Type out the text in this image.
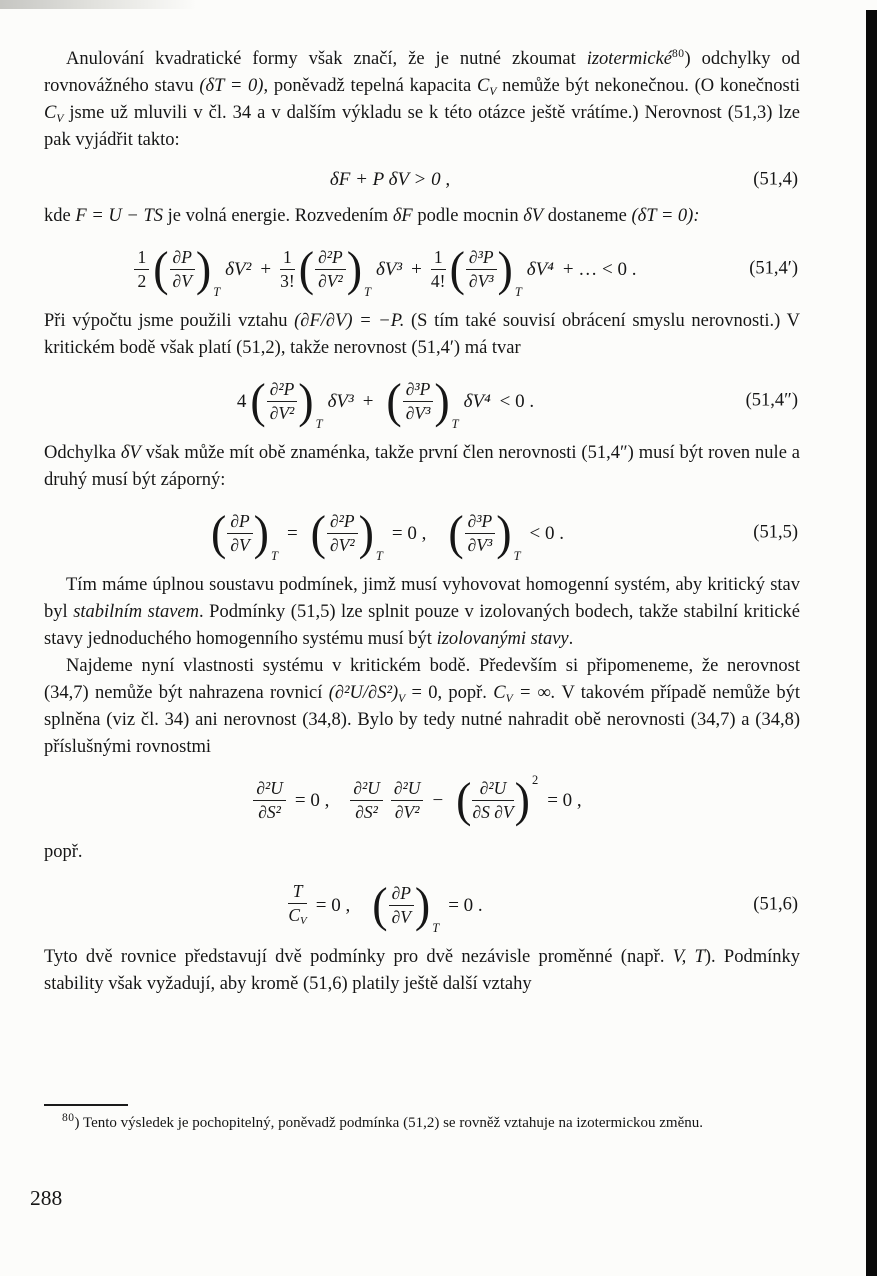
Anulování kvadratické formy však značí, že je nutné zkoumat izotermické$^{80}$) odchylky od rovnovážného stavu (δT = 0), poněvadž tepelná kapacita $C_V$ nemůže být nekonečnou. (O konečnosti $C_V$ jsme už mluvili v čl. 34 a v dalším výkladu se k této otázce ještě vrátíme.) Nerovnost (51,3) lze pak vyjádřit takto:

δF + P δV > 0 ,	(51,4)

kde F = U − TS je volná energie. Rozvedením δF podle mocnin δV dostaneme (δT = 0):

$\frac{1}{2}$ ( $\frac{\partial P}{\partial V}$ ) T
$\delta V^2 + \frac{1}{3!}$ ( $\frac{\text{∂²P}}{\text{∂V²}}$ ) T
$\delta V^3 + \frac{1}{4!}$ ( $\frac{\text{∂³P}}{\text{∂V³}}$ ) T
δV⁴ + … < 0 .	(51,4′)

Při výpočtu jsme použili vztahu (∂F/∂V) = −P. (S tím také souvisí obrácení smyslu nerovnosti.) V kritickém bodě však platí (51,2), takže nerovnost (51,4′) má tvar

4 ( $\frac{\text{∂²P}}{\text{∂V²}}$ ) T
δV³ + ( $\frac{\text{∂³P}}{\text{∂V³}}$ ) T
δV⁴ < 0 .	(51,4″)

Odchylka δV však může mít obě znaménka, takže první člen nerovnosti (51,4″) musí být roven nule a druhý musí být záporný:

( $\frac{\partial P}{\partial V}$ ) T
= ( $\frac{\text{∂²P}}{\text{∂V²}}$ ) T
= 0 , ( $\frac{\text{∂³P}}{\text{∂V³}}$ ) T
< 0 .	(51,5)

Tím máme úplnou soustavu podmínek, jimž musí vyhovovat homogenní systém, aby kritický stav byl stabilním stavem. Podmínky (51,5) lze splnit pouze v izolovaných bodech, takže stabilní kritické stavy jednoduchého homogenního systému musí být izolovanými stavy.

Najdeme nyní vlastnosti systému v kritickém bodě. Především si připomeneme, že nerovnost (34,7) nemůže být nahrazena rovnicí $(\partial^2U/\partial S^2)_V = 0$, popř. $C_V$ = ∞. V takovém případě nemůže být splněna (viz čl. 34) ani nerovnost (34,8). Bylo by tedy nutné nahradit obě nerovnosti (34,7) a (34,8) příslušnými rovnostmi

$\frac{\text{∂²U}}{\text{∂S²}} = 0$ , $\frac{\text{∂²U}}{\text{∂S²}} \frac{\text{∂²U}}{\text{∂V²}}$ − ( $\frac{\text{∂²U}}{\partial S \partial V}$ ) 2
= 0 ,

popř.

$\frac{T}{CV} = 0$ , ( $\frac{\partial P}{\partial V}$ ) T
= 0 .	(51,6)

Tyto dvě rovnice představují dvě podmínky pro dvě nezávisle proměnné (např. V, T). Podmínky stability však vyžadují, aby kromě (51,6) platily ještě další vztahy

$^{80}$) Tento výsledek je pochopitelný, poněvadž podmínka (51,2) se rovněž vztahuje na izotermickou změnu.

288
